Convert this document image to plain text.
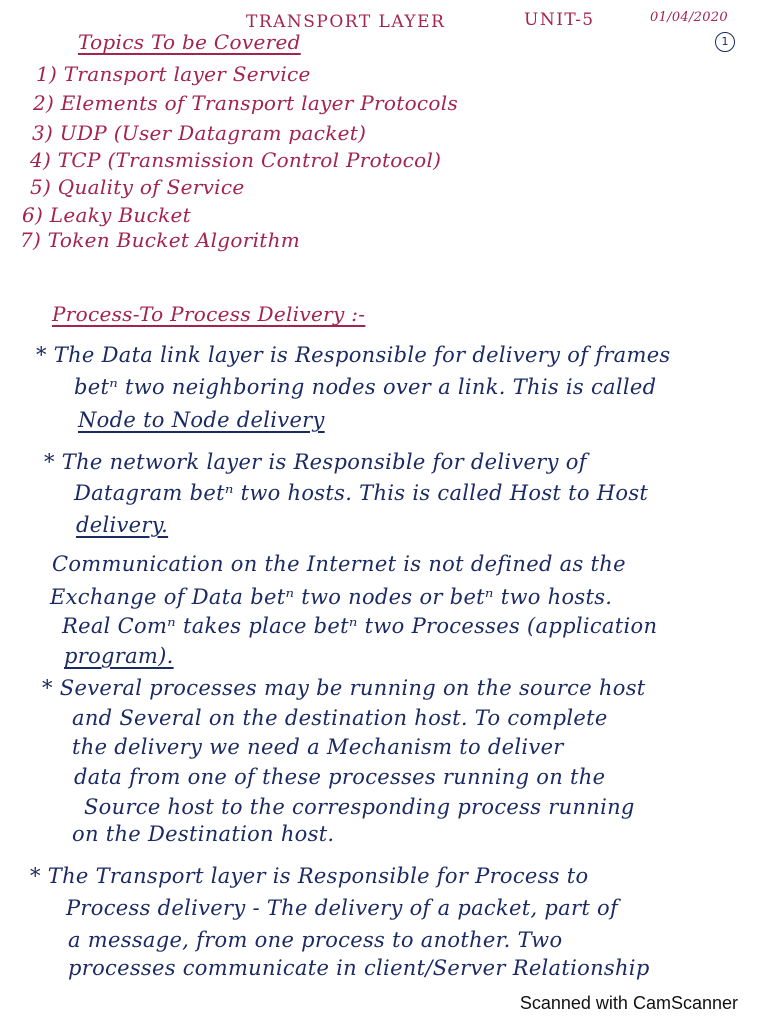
TRANSPORT LAYER	UNIT-5	01/04/2020
1
Topics To be Covered
1) Transport layer Service
2) Elements of Transport layer Protocols
3) UDP (User Datagram packet)
4) TCP (Transmission Control Protocol)
5) Quality of Service
6) Leaky Bucket
7) Token Bucket Algorithm
Process-To Process Delivery :-
* The Data link layer is Responsible for delivery of frames
betⁿ two neighboring nodes over a link. This is called
Node to Node delivery
* The network layer is Responsible for delivery of
Datagram betⁿ two hosts. This is called Host to Host
delivery.
Communication on the Internet is not defined as the
Exchange of Data betⁿ two nodes or betⁿ two hosts.
Real Comⁿ takes place betⁿ two Processes (application
program).
* Several processes may be running on the source host
and Several on the destination host. To complete
the delivery we need a Mechanism to deliver
data from one of these processes running on the
Source host to the corresponding process running
on the Destination host.
* The Transport layer is Responsible for Process to
Process delivery - The delivery of a packet, part of
a message, from one process to another. Two
processes communicate in client/Server Relationship
Scanned with CamScanner
